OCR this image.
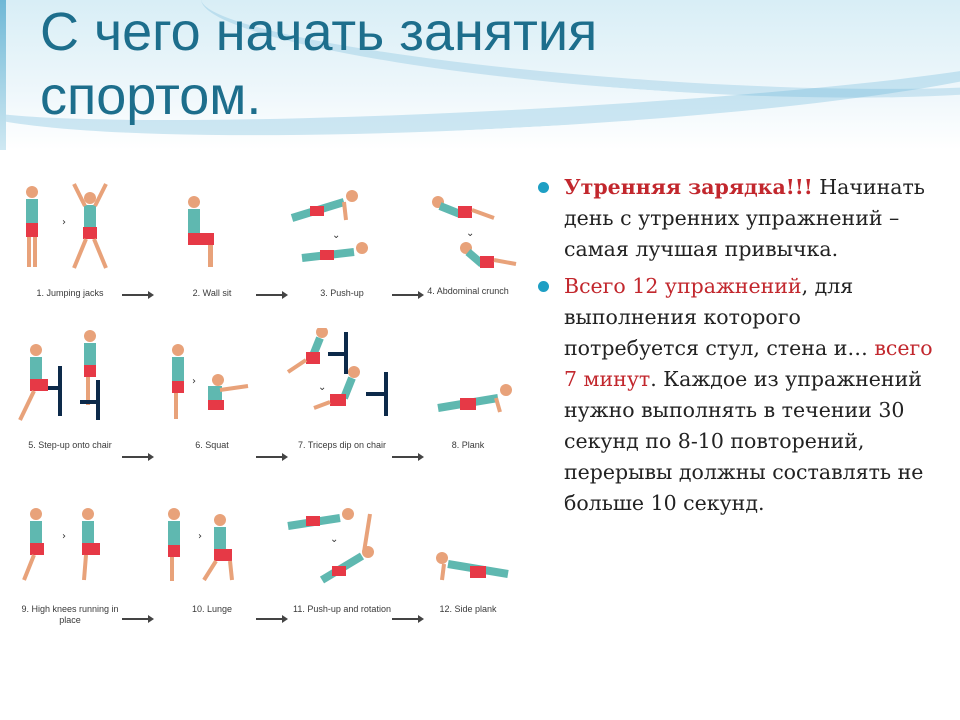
С чего начать занятия
спортом.
›
1. Jumping jacks	2. Wall sit
⌄
3. Push-up
⌄
4. Abdominal crunch
5. Step-up onto chair
›
6. Squat
⌄
7. Triceps dip on chair	8. Plank
›
9. High knees running in place
›
10. Lunge
⌄
11. Push-up and rotation	12. Side plank

Утренняя зарядка!!! Начинать день с утренних упражнений – самая лучшая привычка.

Всего 12 упражнений, для выполнения которого потребуется стул, стена и… всего 7 минут. Каждое из упражнений нужно выполнять в течении 30 секунд по 8-10 повторений, перерывы должны составлять не больше 10 секунд.
